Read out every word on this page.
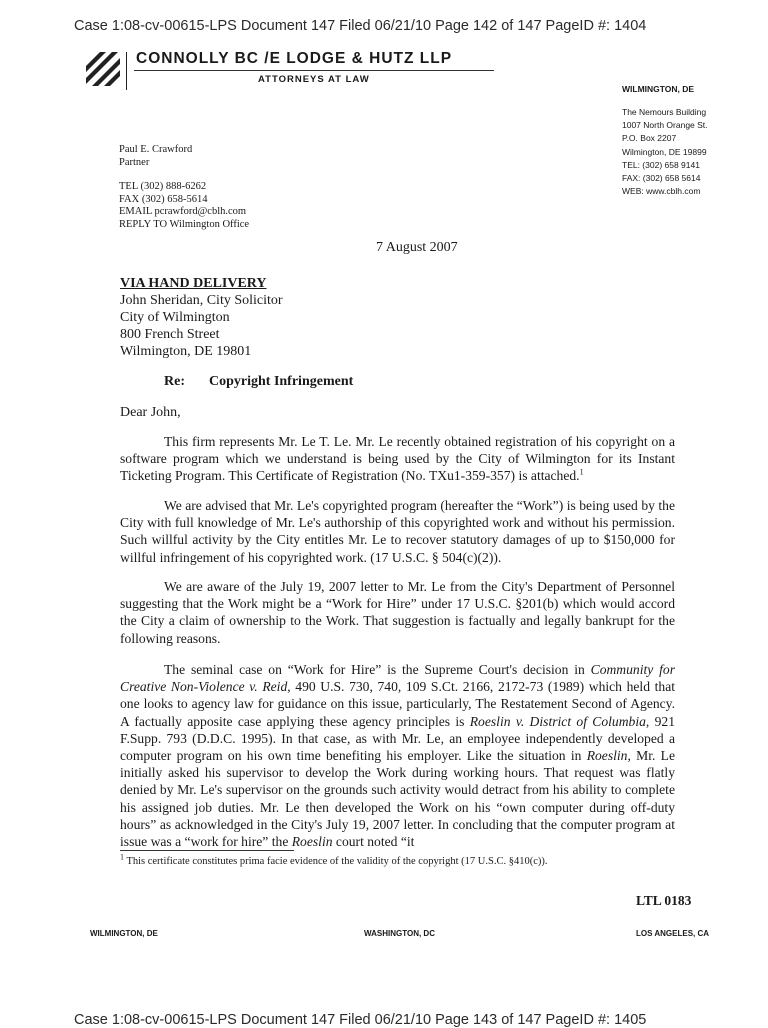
Case 1:08-cv-00615-LPS Document 147 Filed 06/21/10 Page 142 of 147 PageID #: 1404
CONNOLLY BC /E LODGE & HUTZ LLP
ATTORNEYS AT LAW
WILMINGTON, DE
The Nemours Building
1007 North Orange St.
P.O. Box 2207
Wilmington, DE 19899
TEL: (302) 658 9141
FAX: (302) 658 5614
WEB: www.cblh.com
Paul E. Crawford
Partner
TEL (302) 888-6262
FAX (302) 658-5614
EMAIL pcrawford@cblh.com
REPLY TO Wilmington Office
7 August 2007
VIA HAND DELIVERY
John Sheridan, City Solicitor
City of Wilmington
800 French Street
Wilmington, DE 19801
Re: Copyright Infringement
Dear John,

This firm represents Mr. Le T. Le. Mr. Le recently obtained registration of his copyright on a software program which we understand is being used by the City of Wilmington for its Instant Ticketing Program. This Certificate of Registration (No. TXu1-359-357) is attached.$^1$

We are advised that Mr. Le's copyrighted program (hereafter the “Work”) is being used by the City with full knowledge of Mr. Le's authorship of this copyrighted work and without his permission. Such willful activity by the City entitles Mr. Le to recover statutory damages of up to $150,000 for willful infringement of his copyrighted work. (17 U.S.C. § 504(c)(2)).

We are aware of the July 19, 2007 letter to Mr. Le from the City's Department of Personnel suggesting that the Work might be a “Work for Hire” under 17 U.S.C. §201(b) which would accord the City a claim of ownership to the Work. That suggestion is factually and legally bankrupt for the following reasons.

The seminal case on “Work for Hire” is the Supreme Court's decision in Community for Creative Non-Violence v. Reid, 490 U.S. 730, 740, 109 S.Ct. 2166, 2172-73 (1989) which held that one looks to agency law for guidance on this issue, particularly, The Restatement Second of Agency. A factually apposite case applying these agency principles is Roeslin v. District of Columbia, 921 F.Supp. 793 (D.D.C. 1995). In that case, as with Mr. Le, an employee independently developed a computer program on his own time benefiting his employer. Like the situation in Roeslin, Mr. Le initially asked his supervisor to develop the Work during working hours. That request was flatly denied by Mr. Le's supervisor on the grounds such activity would detract from his ability to complete his assigned job duties. Mr. Le then developed the Work on his “own computer during off-duty hours” as acknowledged in the City's July 19, 2007 letter. In concluding that the computer program at issue was a “work for hire” the Roeslin court noted “it

$^1$ This certificate constitutes prima facie evidence of the validity of the copyright (17 U.S.C. §410(c)).
LTL 0183
WILMINGTON, DE	WASHINGTON, DC	LOS ANGELES, CA
Case 1:08-cv-00615-LPS Document 147 Filed 06/21/10 Page 143 of 147 PageID #: 1405
